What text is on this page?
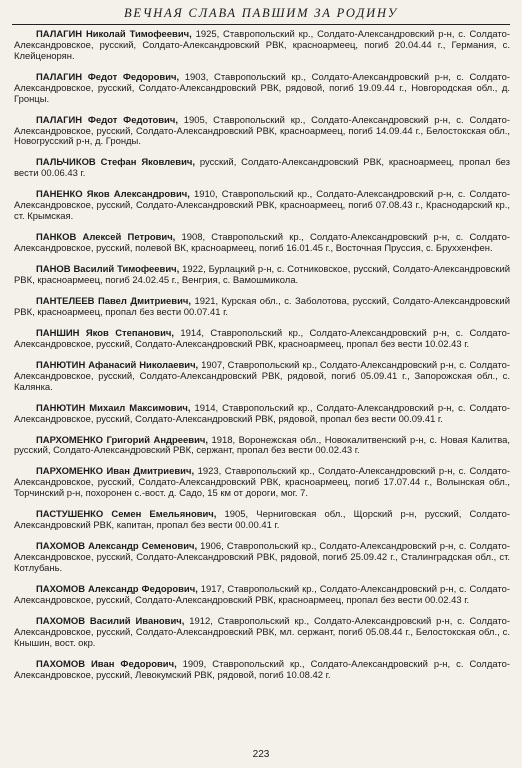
ВЕЧНАЯ СЛАВА ПАВШИМ ЗА РОДИНУ

ПАЛАГИН Николай Тимофеевич, 1925, Ставропольский кр., Солдато-Александровский р-н, с. Солдато-Александровское, русский, Солдато-Александровский РВК, красноармеец, погиб 20.04.44 г., Германия, с. Клейценорян.

ПАЛАГИН Федот Федорович, 1903, Ставропольский кр., Солдато-Александровский р-н, с. Солдато-Александровское, русский, Солдато-Александровский РВК, рядовой, погиб 19.09.44 г., Новгородская обл., д. Гронцы.

ПАЛАГИН Федот Федотович, 1905, Ставропольский кр., Солдато-Александровский р-н, с. Солдато-Александровское, русский, Солдато-Александровский РВК, красноармеец, погиб 14.09.44 г., Белостокская обл., Новогрусский р-н, д. Гронды.

ПАЛЬЧИКОВ Стефан Яковлевич, русский, Солдато-Александровский РВК, красноармеец, пропал без вести 00.06.43 г.

ПАНЕНКО Яков Александрович, 1910, Ставропольский кр., Солдато-Александровский р-н, с. Солдато-Александровское, русский, Солдато-Александровский РВК, красноармеец, погиб 07.08.43 г., Краснодарский кр., ст. Крымская.

ПАНКОВ Алексей Петрович, 1908, Ставропольский кр., Солдато-Александровский р-н, с. Солдато-Александровское, русский, полевой ВК, красноармеец, погиб 16.01.45 г., Восточная Пруссия, с. Бруххенфен.

ПАНОВ Василий Тимофеевич, 1922, Бурлацкий р-н, с. Сотниковское, русский, Солдато-Александровский РВК, красноармеец, погиб 24.02.45 г., Венгрия, с. Вамошмикола.

ПАНТЕЛЕЕВ Павел Дмитриевич, 1921, Курская обл., с. Заболотова, русский, Солдато-Александровский РВК, красноармеец, пропал без вести 00.07.41 г.

ПАНШИН Яков Степанович, 1914, Ставропольский кр., Солдато-Александровский р-н, с. Солдато-Александровское, русский, Солдато-Александровский РВК, красноармеец, пропал без вести 10.02.43 г.

ПАНЮТИН Афанасий Николаевич, 1907, Ставропольский кр., Солдато-Александровский р-н, с. Солдато-Александровское, русский, Солдато-Александровский РВК, рядовой, погиб 05.09.41 г., Запорожская обл., с. Калянка.

ПАНЮТИН Михаил Максимович, 1914, Ставропольский кр., Солдато-Александровский р-н, с. Солдато-Александровское, русский, Солдато-Александровский РВК, рядовой, пропал без вести 00.09.41 г.

ПАРХОМЕНКО Григорий Андреевич, 1918, Воронежская обл., Новокалитвенский р-н, с. Новая Калитва, русский, Солдато-Александровский РВК, сержант, пропал без вести 00.02.43 г.

ПАРХОМЕНКО Иван Дмитриевич, 1923, Ставропольский кр., Солдато-Александровский р-н, с. Солдато-Александровское, русский, Солдато-Александровский РВК, красноармеец, погиб 17.07.44 г., Волынская обл., Торчинский р-н, похоронен с.-вост. д. Садо, 15 км от дороги, мог. 7.

ПАСТУШЕНКО Семен Емельянович, 1905, Черниговская обл., Щорский р-н, русский, Солдато-Александровский РВК, капитан, пропал без вести 00.00.41 г.

ПАХОМОВ Александр Семенович, 1906, Ставропольский кр., Солдато-Александровский р-н, с. Солдато-Александровское, русский, Солдато-Александровский РВК, рядовой, погиб 25.09.42 г., Сталинградская обл., ст. Котлубань.

ПАХОМОВ Александр Федорович, 1917, Ставропольский кр., Солдато-Александровский р-н, с. Солдато-Александровское, русский, Солдато-Александровский РВК, красноармеец, пропал без вести 00.02.43 г.

ПАХОМОВ Василий Иванович, 1912, Ставропольский кр., Солдато-Александровский р-н, с. Солдато-Александровское, русский, Солдато-Александровский РВК, мл. сержант, погиб 05.08.44 г., Белостокская обл., с. Кнышин, вост. окр.

ПАХОМОВ Иван Федорович, 1909, Ставропольский кр., Солдато-Александровский р-н, с. Солдато-Александровское, русский, Левокумский РВК, рядовой, погиб 10.08.42 г.

223
